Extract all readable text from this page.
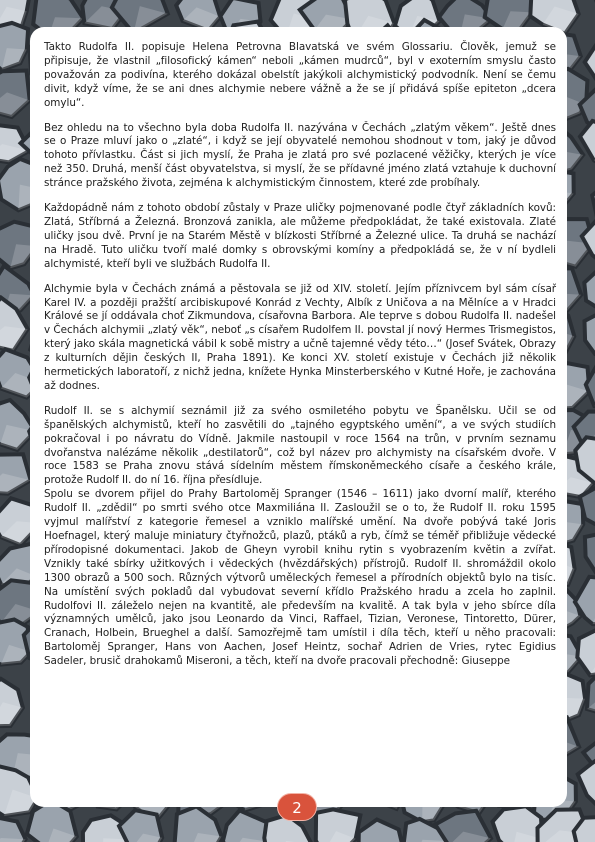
Takto Rudolfa II. popisuje Helena Petrovna Blavatská ve svém Glossariu. Člověk, jemuž se připisuje, že vlastnil „filosofický kámen“ neboli „kámen mudrců“, byl v exoterním smyslu často považován za podivína, kterého dokázal obelstít jakýkoli alchymistický podvodník. Není se čemu divit, když víme, že se ani dnes alchymie nebere vážně a že se jí přidává spíše epiteton „dcera omylu“.

Bez ohledu na to všechno byla doba Rudolfa II. nazývána v Čechách „zlatým věkem“. Ještě dnes se o Praze mluví jako o „zlaté“, i když se její obyvatelé nemohou shodnout v tom, jaký je důvod tohoto přívlastku. Část si jich myslí, že Praha je zlatá pro své pozlacené věžičky, kterých je více než 350. Druhá, menší část obyvatelstva, si myslí, že se přídavné jméno zlatá vztahuje k duchovní stránce pražského života, zejména k alchymistickým činnostem, které zde probíhaly.

Každopádně nám z tohoto období zůstaly v Praze uličky pojmenované podle čtyř základních kovů: Zlatá, Stříbrná a Železná. Bronzová zanikla, ale můžeme předpokládat, že také existovala. Zlaté uličky jsou dvě. První je na Starém Městě v blízkosti Stříbrné a Železné ulice. Ta druhá se nachází na Hradě. Tuto uličku tvoří malé domky s obrovskými komíny a předpokládá se, že v ní bydleli alchymisté, kteří byli ve službách Rudolfa II.

Alchymie byla v Čechách známá a pěstovala se již od XIV. století. Jejím příznivcem byl sám císař Karel IV. a později pražští arcibiskupové Konrád z Vechty, Albík z Uničova a na Mělníce a v Hradci Králové se jí oddávala choť Zikmundova, císařovna Barbora. Ale teprve s dobou Rudolfa II. nadešel v Čechách alchymii „zlatý věk“, neboť „s císařem Rudolfem II. povstal jí nový Hermes Trismegistos, který jako skála magnetická vábil k sobě mistry a učně tajemné vědy této…“ (Josef Svátek, Obrazy z kulturních dějin českých II, Praha 1891). Ke konci XV. století existuje v Čechách již několik hermetických laboratoří, z nichž jedna, knížete Hynka Minsterberského v Kutné Hoře, je zachována až dodnes.

Rudolf II. se s alchymií seznámil již za svého osmiletého pobytu ve Španělsku. Učil se od španělských alchymistů, kteří ho zasvětili do „tajného egyptského umění“, a ve svých studiích pokračoval i po návratu do Vídně. Jakmile nastoupil v roce 1564 na trůn, v prvním seznamu dvořanstva nalézáme několik „destilatorů“, což byl název pro alchymisty na císařském dvoře. V roce 1583 se Praha znovu stává sídelním městem římskoněmeckého císaře a českého krále, protože Rudolf II. do ní 16. října přesídluje.

Spolu se dvorem přijel do Prahy Bartoloměj Spranger (1546 – 1611) jako dvorní malíř, kterého Rudolf II. „zdědil“ po smrti svého otce Maxmiliána II. Zasloužil se o to, že Rudolf II. roku 1595 vyjmul malířství z kategorie řemesel a vzniklo malířské umění. Na dvoře pobývá také Joris Hoefnagel, který maluje miniatury čtyřnožců, plazů, ptáků a ryb, čímž se téměř přibližuje vědecké přírodopisné dokumentaci. Jakob de Gheyn vyrobil knihu rytin s vyobrazením květin a zvířat. Vznikly také sbírky užitkových i vědeckých (hvězdářských) přístrojů. Rudolf II. shromáždil okolo 1300 obrazů a 500 soch. Různých výtvorů uměleckých řemesel a přírodních objektů bylo na tisíc. Na umístění svých pokladů dal vybudovat severní křídlo Pražského hradu a zcela ho zaplnil. Rudolfovi II. záleželo nejen na kvantitě, ale především na kvalitě. A tak byla v jeho sbírce díla významných umělců, jako jsou Leonardo da Vinci, Raffael, Tizian, Veronese, Tintoretto, Dürer, Cranach, Holbein, Brueghel a další. Samozřejmě tam umístil i díla těch, kteří u něho pracovali: Bartoloměj Spranger, Hans von Aachen, Josef Heintz, sochař Adrien de Vries, rytec Egidius Sadeler, brusič drahokamů Miseroni, a těch, kteří na dvoře pracovali přechodně: Giuseppe

2
